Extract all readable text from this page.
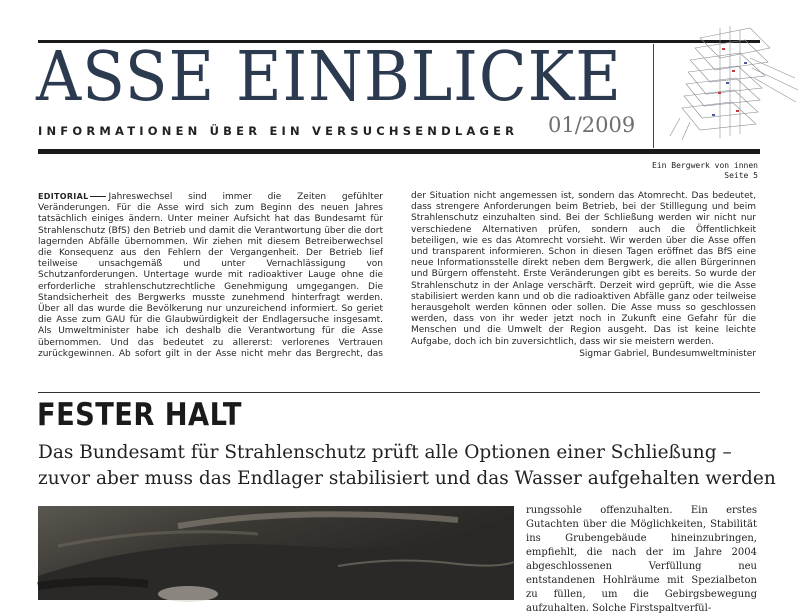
ASSE EINBLICKE
INFORMATIONEN ÜBER EIN VERSUCHSENDLAGER 01/2009
Ein Bergwerk von innen
Seite 5
EDITORIAL Jahreswechsel sind immer die Zeiten gefühlter Veränderungen. Für die Asse wird sich zum Beginn des neuen Jahres tatsächlich einiges ändern. Unter meiner Aufsicht hat das Bundesamt für Strahlenschutz (BfS) den Betrieb und damit die Verantwortung über die dort lagernden Abfälle übernommen. Wir ziehen mit diesem Betreiberwechsel die Konsequenz aus den Fehlern der Vergangenheit. Der Betrieb lief teilweise unsachgemäß und unter Vernachlässigung von Schutzanforderungen. Untertage wurde mit radioaktiver Lauge ohne die erforderliche strahlenschutzrechtliche Genehmigung umgegangen. Die Standsicherheit des Bergwerks musste zunehmend hinterfragt werden. Über all das wurde die Bevölkerung nur unzureichend informiert. So geriet die Asse zum GAU für die Glaubwürdigkeit der Endlagersuche insgesamt. Als Umweltminister habe ich deshalb die Verantwortung für die Asse übernommen. Und das bedeutet zu allererst: verlorenes Vertrauen zurückgewinnen. Ab sofort gilt in der Asse nicht mehr das Bergrecht, das der Situation nicht angemessen ist, sondern das Atomrecht. Das bedeutet, dass strengere Anforderungen beim Betrieb, bei der Stilllegung und beim Strahlenschutz einzuhalten sind. Bei der Schließung werden wir nicht nur verschiedene Alternativen prüfen, sondern auch die Öffentlichkeit beteiligen, wie es das Atomrecht vorsieht. Wir werden über die Asse offen und transparent informieren. Schon in diesen Tagen eröffnet das BfS eine neue Informationsstelle direkt neben dem Bergwerk, die allen Bürgerinnen und Bürgern offensteht. Erste Veränderungen gibt es bereits. So wurde der Strahlenschutz in der Anlage verschärft. Derzeit wird geprüft, wie die Asse stabilisiert werden kann und ob die radioaktiven Abfälle ganz oder teilweise herausgeholt werden können oder sollen. Die Asse muss so geschlossen werden, dass von ihr weder jetzt noch in Zukunft eine Gefahr für die Menschen und die Umwelt der Region ausgeht. Das ist keine leichte Aufgabe, doch ich bin zuversichtlich, dass wir sie meistern werden.
Sigmar Gabriel, Bundesumweltminister
FESTER HALT
Das Bundesamt für Strahlenschutz prüft alle Optionen einer Schließung – zuvor aber muss das Endlager stabilisiert und das Wasser aufgehalten werden
rungssohle offenzuhalten. Ein erstes Gutachten über die Möglichkeiten, Stabilität ins Grubengebäude hineinzubringen, empfiehlt, die nach der im Jahre 2004 abgeschlossenen Verfüllung neu entstandenen Hohlräume mit Spezialbeton zu füllen, um die Gebirgsbewegung aufzuhalten. Solche Firstspaltverfül-
